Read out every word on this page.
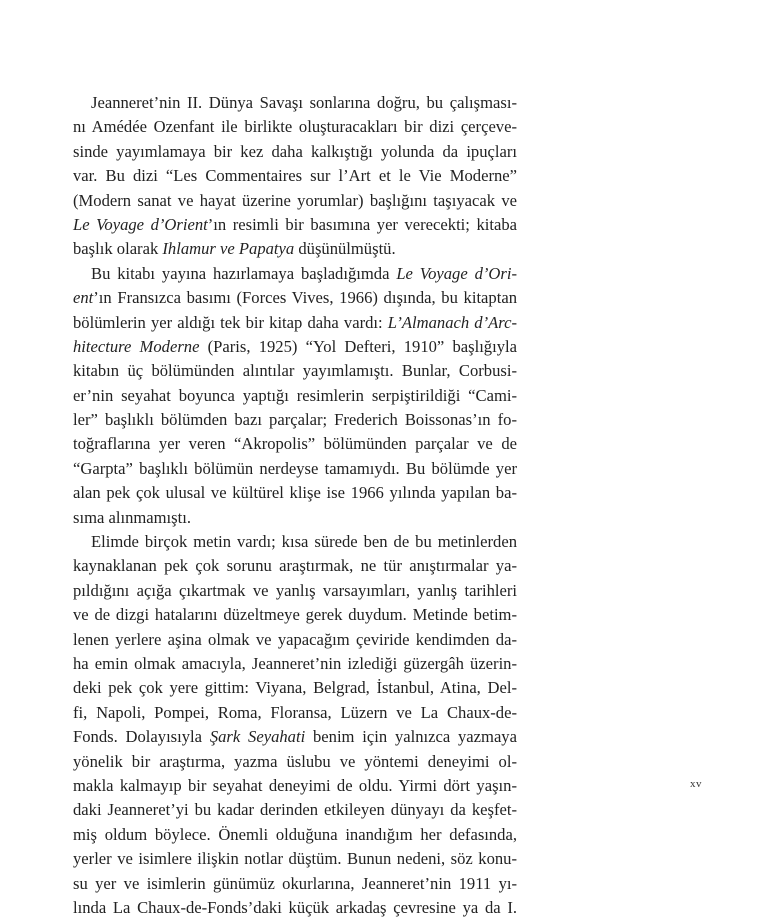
Jeanneret’nin II. Dünya Savaşı sonlarına doğru, bu çalışması-
nı Amédée Ozenfant ile birlikte oluşturacakları bir dizi çerçeve-
sinde yayımlamaya bir kez daha kalkıştığı yolunda da ipuçları
var. Bu dizi “Les Commentaires sur l’Art et le Vie Moderne”
(Modern sanat ve hayat üzerine yorumlar) başlığını taşıyacak ve
Le Voyage d’Orient’ın resimli bir basımına yer verecekti; kitaba
başlık olarak Ihlamur ve Papatya düşünülmüştü.
Bu kitabı yayına hazırlamaya başladığımda Le Voyage d’Ori-
ent’ın Fransızca basımı (Forces Vives, 1966) dışında, bu kitaptan
bölümlerin yer aldığı tek bir kitap daha vardı: L’Almanach d’Arc-
hitecture Moderne (Paris, 1925) “Yol Defteri, 1910” başlığıyla
kitabın üç bölümünden alıntılar yayımlamıştı. Bunlar, Corbusi-
er’nin seyahat boyunca yaptığı resimlerin serpiştirildiği “Cami-
ler” başlıklı bölümden bazı parçalar; Frederich Boissonas’ın fo-
toğraflarına yer veren “Akropolis” bölümünden parçalar ve de
“Garpta” başlıklı bölümün nerdeyse tamamıydı. Bu bölümde yer
alan pek çok ulusal ve kültürel klişe ise 1966 yılında yapılan ba-
sıma alınmamıştı.
Elimde birçok metin vardı; kısa sürede ben de bu metinlerden
kaynaklanan pek çok sorunu araştırmak, ne tür anıştırmalar ya-
pıldığını açığa çıkartmak ve yanlış varsayımları, yanlış tarihleri
ve de dizgi hatalarını düzeltmeye gerek duydum. Metinde betim-
lenen yerlere aşina olmak ve yapacağım çeviride kendimden da-
ha emin olmak amacıyla, Jeanneret’nin izlediği güzergâh üzerin-
deki pek çok yere gittim: Viyana, Belgrad, İstanbul, Atina, Del-
fi, Napoli, Pompei, Roma, Floransa, Lüzern ve La Chaux-de-
Fonds. Dolayısıyla Şark Seyahati benim için yalnızca yazmaya
yönelik bir araştırma, yazma üslubu ve yöntemi deneyimi ol-
makla kalmayıp bir seyahat deneyimi de oldu. Yirmi dört yaşın-
daki Jeanneret’yi bu kadar derinden etkileyen dünyayı da keşfet-
miş oldum böylece. Önemli olduğuna inandığım her defasında,
yerler ve isimlere ilişkin notlar düştüm. Bunun nedeni, söz konu-
su yer ve isimlerin günümüz okurlarına, Jeanneret’nin 1911 yı-
lında La Chaux-de-Fonds’daki küçük arkadaş çevresine ya da I.
xv
